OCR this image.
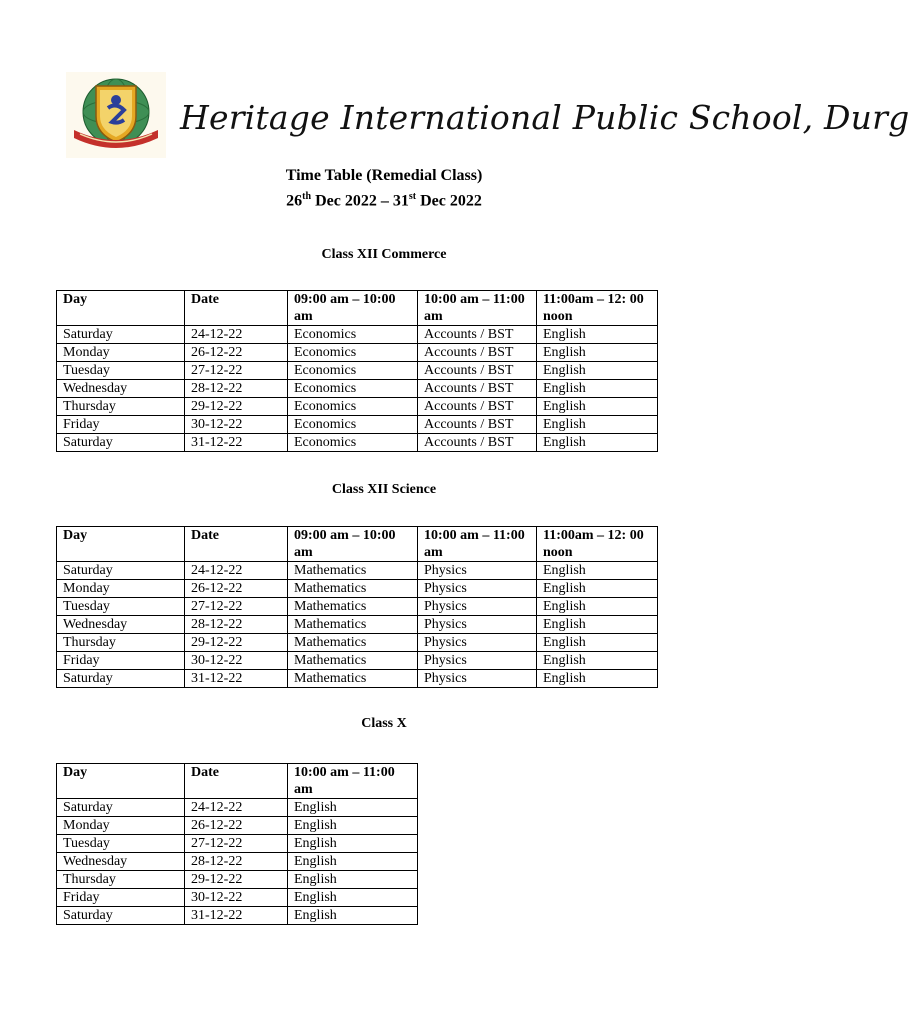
Heritage International Public School, Durg
Time Table (Remedial Class)
26th Dec 2022 – 31st Dec 2022
Class XII Commerce
Day	Date	09:00 am – 10:00 am	10:00 am – 11:00 am	11:00am – 12: 00 noon
Saturday	24-12-22	Economics	Accounts / BST	English
Monday	26-12-22	Economics	Accounts / BST	English
Tuesday	27-12-22	Economics	Accounts / BST	English
Wednesday	28-12-22	Economics	Accounts / BST	English
Thursday	29-12-22	Economics	Accounts / BST	English
Friday	30-12-22	Economics	Accounts / BST	English
Saturday	31-12-22	Economics	Accounts / BST	English
Class XII Science
Day	Date	09:00 am – 10:00 am	10:00 am – 11:00 am	11:00am – 12: 00 noon
Saturday	24-12-22	Mathematics	Physics	English
Monday	26-12-22	Mathematics	Physics	English
Tuesday	27-12-22	Mathematics	Physics	English
Wednesday	28-12-22	Mathematics	Physics	English
Thursday	29-12-22	Mathematics	Physics	English
Friday	30-12-22	Mathematics	Physics	English
Saturday	31-12-22	Mathematics	Physics	English
Class X
Day	Date	10:00 am – 11:00 am
Saturday	24-12-22	English
Monday	26-12-22	English
Tuesday	27-12-22	English
Wednesday	28-12-22	English
Thursday	29-12-22	English
Friday	30-12-22	English
Saturday	31-12-22	English
